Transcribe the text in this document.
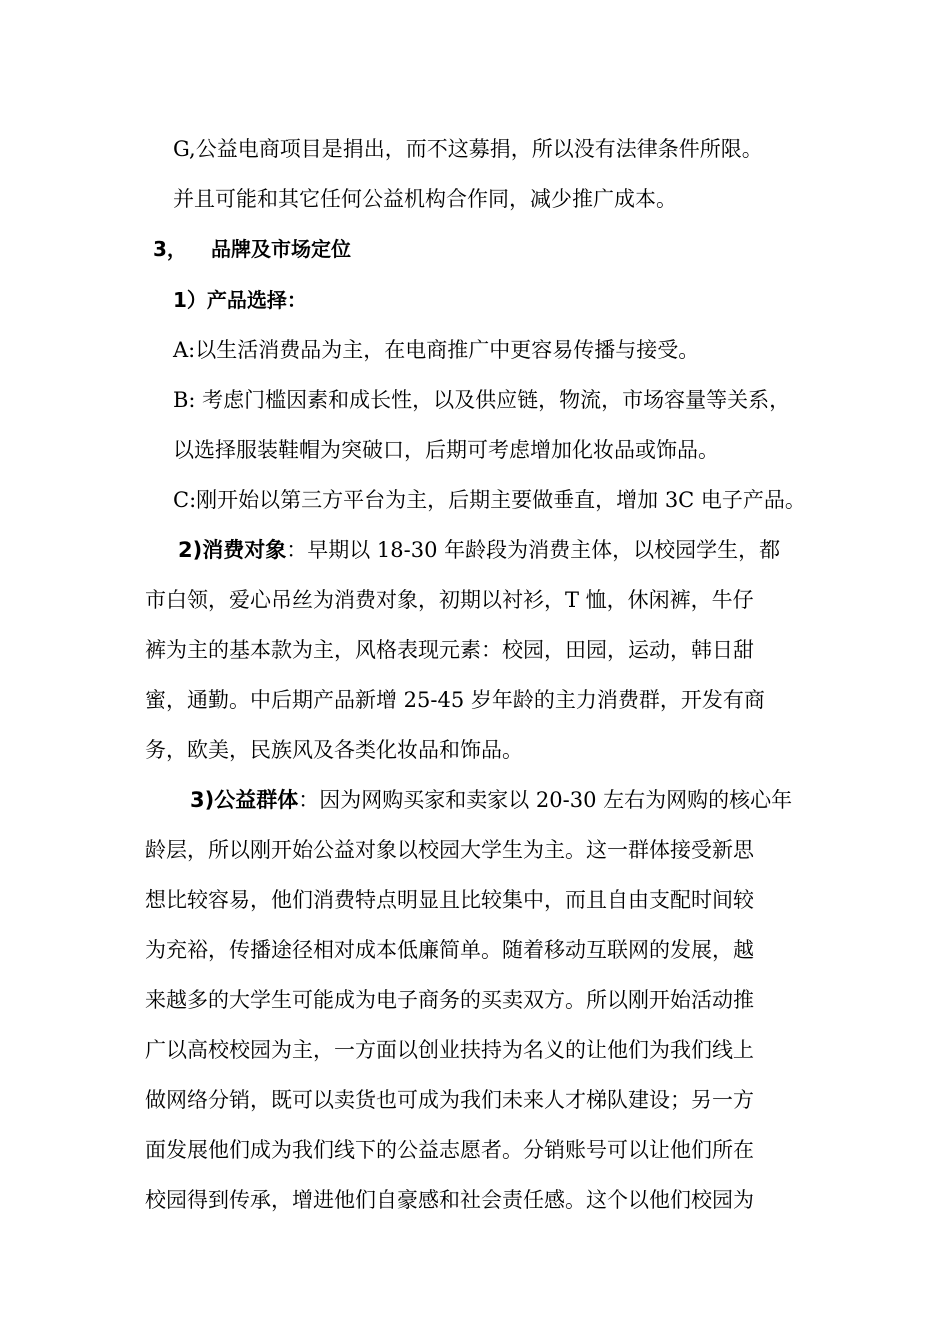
G,公益电商项目是捐出，而不这募捐，所以没有法律条件所限。
并且可能和其它任何公益机构合作同，减少推广成本。
3， 品牌及市场定位
1）产品选择：
A:以生活消费品为主，在电商推广中更容易传播与接受。
B: 考虑门槛因素和成长性，以及供应链，物流，市场容量等关系，
以选择服装鞋帽为突破口，后期可考虑增加化妆品或饰品。
C:刚开始以第三方平台为主，后期主要做垂直，增加 3C 电子产品。
2)消费对象：早期以 18-30 年龄段为消费主体，以校园学生，都
市白领，爱心吊丝为消费对象，初期以衬衫，T 恤，休闲裤，牛仔
裤为主的基本款为主，风格表现元素：校园，田园，运动，韩日甜
蜜，通勤。中后期产品新增 25-45 岁年龄的主力消费群，开发有商
务，欧美，民族风及各类化妆品和饰品。
3)公益群体：因为网购买家和卖家以 20-30 左右为网购的核心年
龄层，所以刚开始公益对象以校园大学生为主。这一群体接受新思
想比较容易，他们消费特点明显且比较集中，而且自由支配时间较
为充裕，传播途径相对成本低廉简单。随着移动互联网的发展，越
来越多的大学生可能成为电子商务的买卖双方。所以刚开始活动推
广以高校校园为主，一方面以创业扶持为名义的让他们为我们线上
做网络分销，既可以卖货也可成为我们未来人才梯队建设；另一方
面发展他们成为我们线下的公益志愿者。分销账号可以让他们所在
校园得到传承，增进他们自豪感和社会责任感。这个以他们校园为
